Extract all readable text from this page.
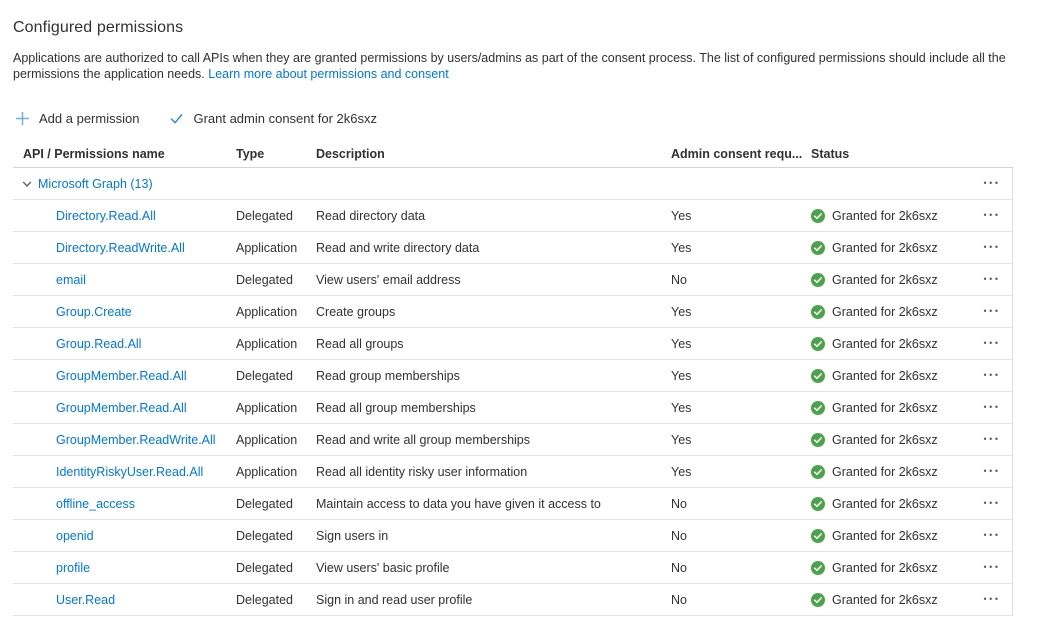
Configured permissions

Applications are authorized to call APIs when they are granted permissions by users/admins as part of the consent process. The list of configured permissions should include all the permissions the application needs. Learn more about permissions and consent

Add a permission	Grant admin consent for 2k6sxz
API / Permissions name	Type	Description	Admin consent requ... Status
Microsoft Graph (13)	•••
Directory.Read.All	Delegated	Read directory data	Yes	Granted for 2k6sxz	•••
Directory.ReadWrite.All	Application	Read and write directory data	Yes	Granted for 2k6sxz	•••
email	Delegated	View users' email address	No	Granted for 2k6sxz	•••
Group.Create	Application	Create groups	Yes	Granted for 2k6sxz	•••
Group.Read.All	Application	Read all groups	Yes	Granted for 2k6sxz	•••
GroupMember.Read.All	Delegated	Read group memberships	Yes	Granted for 2k6sxz	•••
GroupMember.Read.All	Application	Read all group memberships	Yes	Granted for 2k6sxz	•••
GroupMember.ReadWrite.All	Application	Read and write all group memberships	Yes	Granted for 2k6sxz	•••
IdentityRiskyUser.Read.All	Application	Read all identity risky user information	Yes	Granted for 2k6sxz	•••
offline_access	Delegated	Maintain access to data you have given it access to	No	Granted for 2k6sxz	•••
openid	Delegated	Sign users in	No	Granted for 2k6sxz	•••
profile	Delegated	View users' basic profile	No	Granted for 2k6sxz	•••
User.Read	Delegated	Sign in and read user profile	No	Granted for 2k6sxz	•••
